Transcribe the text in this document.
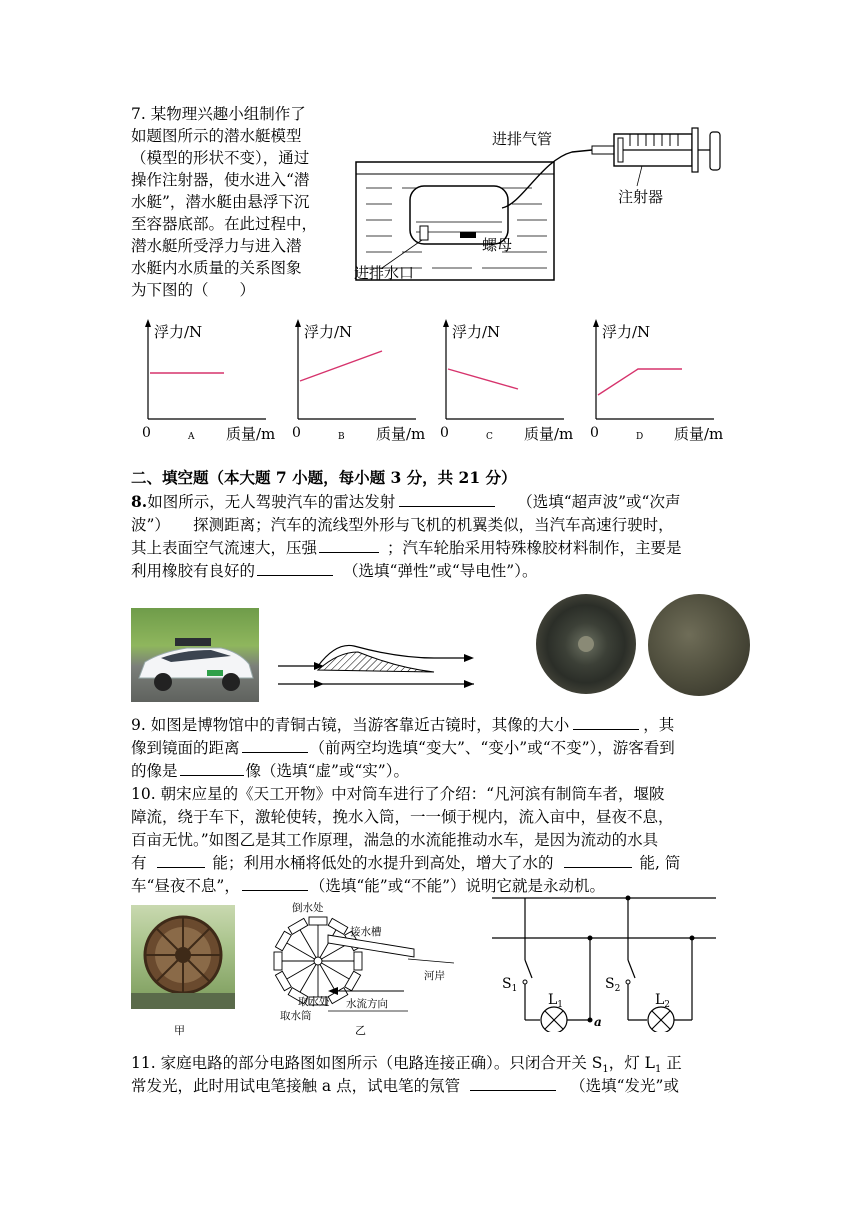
7. 某物理兴趣小组制作了

如题图所示的潜水艇模型

（模型的形状不变），通过

操作注射器，使水进入“潜

水艇”，潜水艇由悬浮下沉

至容器底部。在此过程中，

潜水艇所受浮力与进入潜

水艇内水质量的关系图象

为下图的（　　）

进排气管
注射器
螺母
进排水口
浮力/N
质量/m
0	A
浮力/N
质量/m
0	B
浮力/N
质量/m
0	C
浮力/N
质量/m
0	D
二、填空题（本大题 7 小题，每小题 3 分，共 21 分）
8.如图所示，无人驾驶汽车的雷达发射	（选填“超声波”或“次声
波”）　　探测距离；汽车的流线型外形与飞机的机翼类似，当汽车高速行驶时，
其上表面空气流速大，压强	；汽车轮胎采用特殊橡胶材料制作，主要是
利用橡胶有良好的	（选填“弹性”或“导电性”）。
9. 如图是博物馆中的青铜古镜，当游客靠近古镜时，其像的大小	，其
像到镜面的距离	（前两空均选填“变大”、“变小”或“不变”），游客看到
的像是	像（选填“虚”或“实”）。
10. 朝宋应星的《天工开物》中对筒车进行了介绍：“凡河滨有制筒车者，堰陂
障流，绕于车下，激轮使转，挽水入筒，一一倾于枧内，流入亩中，昼夜不息，
百亩无忧。”如图乙是其工作原理，湍急的水流能推动水车，是因为流动的水具
有	能；利用水桶将低处的水提升到高处，增大了水的	能, 筒
车“昼夜不息”，	（选填“能”或“不能”）说明它就是永动机。
甲
倒水处
接水槽
河岸
取水处 水流方向
取水筒
乙
$S_1$
$L_1$
$S_2$
$L_2$
a
11. 家庭电路的部分电路图如图所示（电路连接正确）。只闭合开关 $S_1$，灯 $L_1$ 正
常发光，此时用试电笔接触 a 点，试电笔的氖管	（选填“发光”或
